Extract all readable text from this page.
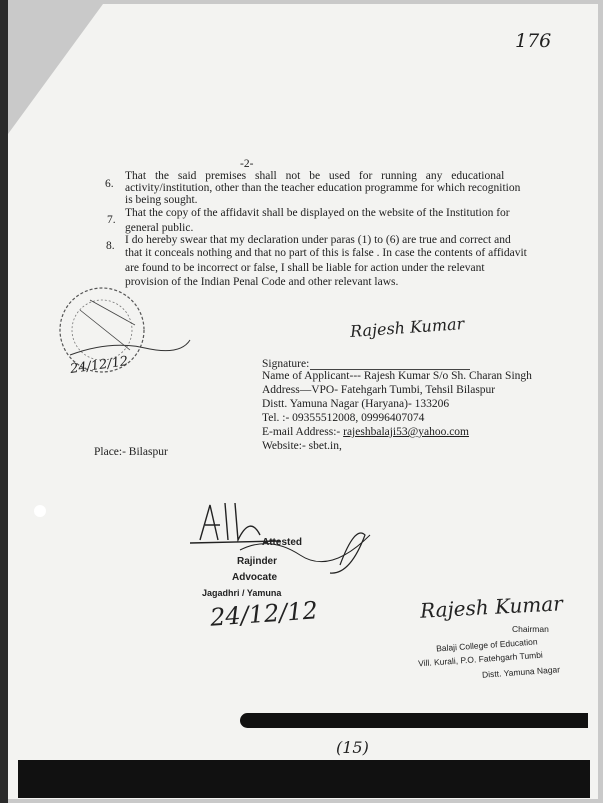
176
-2-
6.
That the said premises shall not be used for running any educational
activity/institution, other than the teacher education programme for which recognition
is being sought.
7.
That the copy of the affidavit shall be displayed on the website of the Institution for
general public.
8. I do hereby swear that my declaration under paras (1) to (6) are true and correct and
that it conceals nothing and that no part of this is false . In case the contents of affidavit
are found to be incorrect or false, I shall be liable for action under the relevant
provision of the Indian Penal Code and other relevant laws.
24/12/12
Rajesh Kumar
Signature:
Name of Applicant--- Rajesh Kumar S/o Sh. Charan Singh
Address—VPO- Fatehgarh Tumbi, Tehsil Bilaspur
Distt. Yamuna Nagar (Haryana)- 133206
Tel. :- 09355512008, 09996407074
E-mail Address:- rajeshbalaji53@yahoo.com
Website:- sbet.in,
Place:- Bilaspur
Attested
Rajinder
Advocate
Jagadhri / Yamuna
24/12/12	Rajesh Kumar
Chairman
Balaji College of Education
Vill. Kurali, P.O. Fatehgarh Tumbi
Distt. Yamuna Nagar
(15)
